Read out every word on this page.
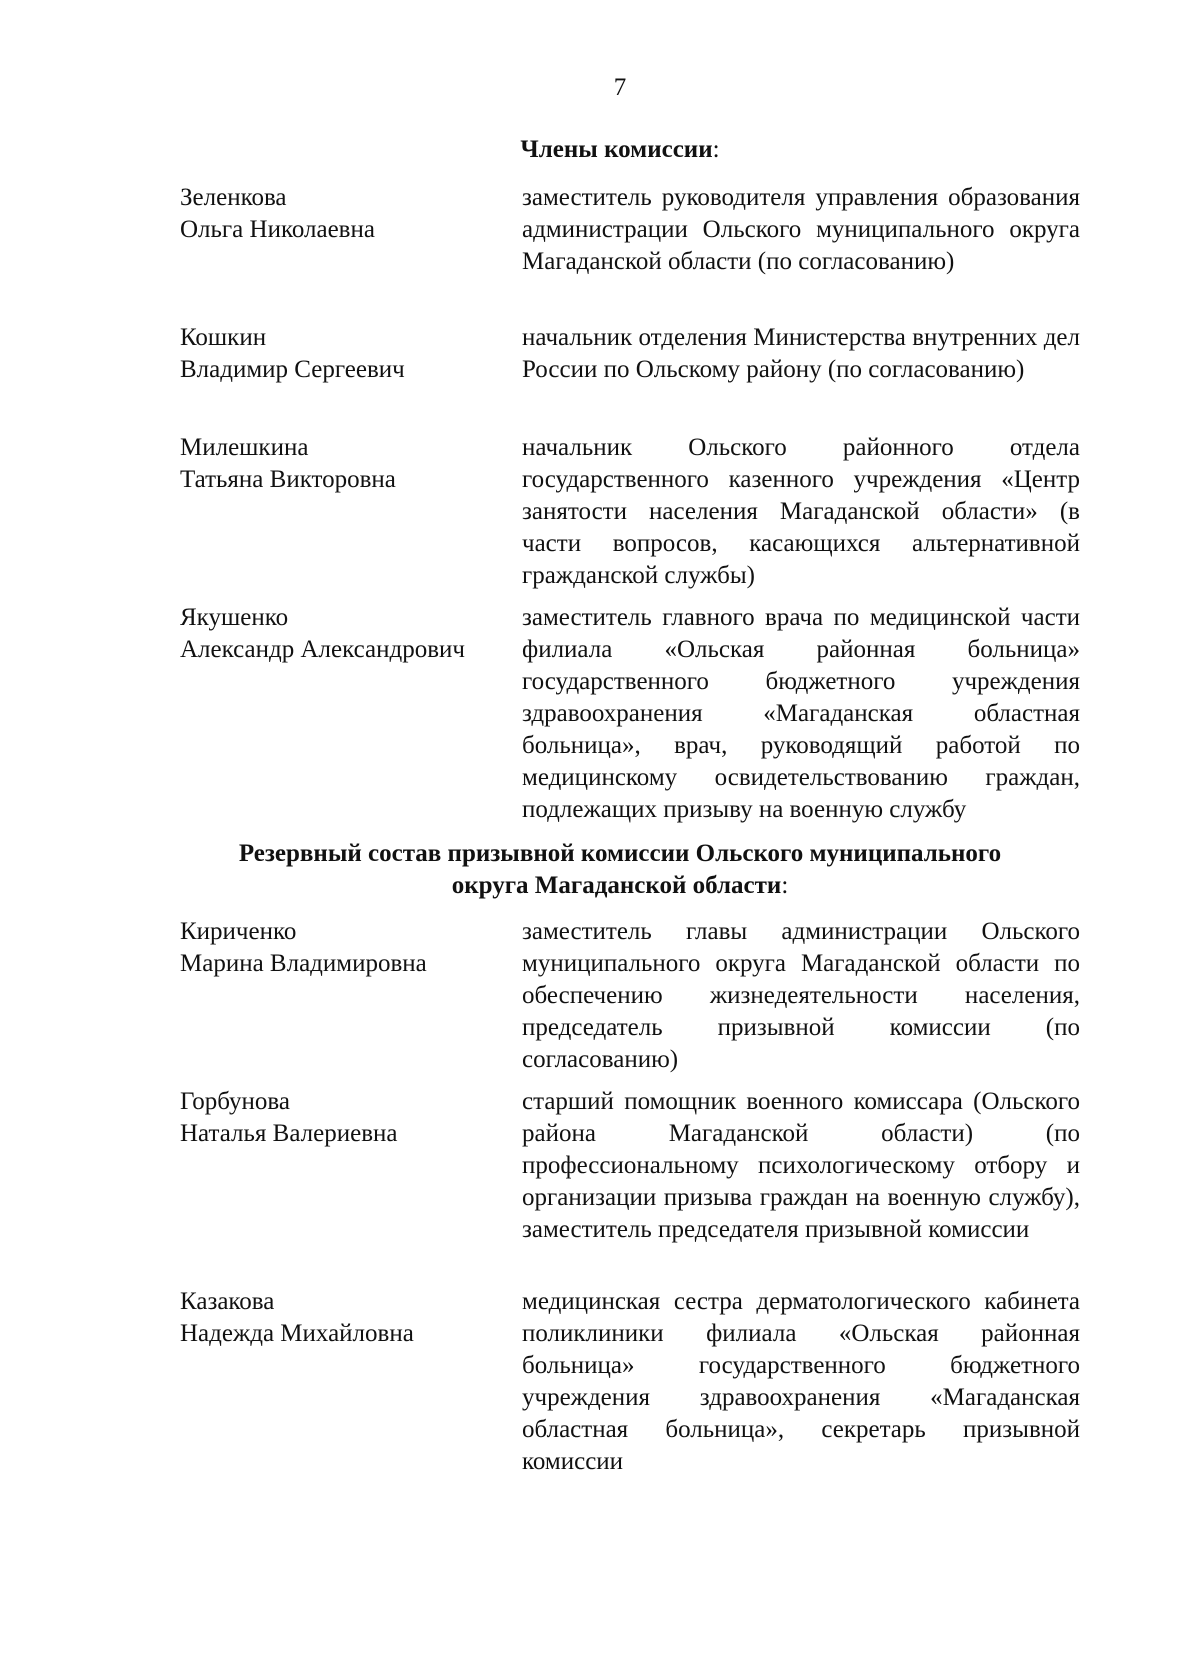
7
Члены комиссии:
Зеленкова
Ольга Николаевна
заместитель руководителя управления образования администрации Ольского муниципального округа Магаданской области (по согласованию)
Кошкин
Владимир Сергеевич
начальник отделения Министерства внутренних дел России по Ольскому району (по согласованию)
Милешкина
Татьяна Викторовна
начальник Ольского районного отдела государственного казенного учреждения «Центр занятости населения Магаданской области» (в части вопросов, касающихся альтернативной гражданской службы)
Якушенко
Александр Александрович
заместитель главного врача по медицинской части филиала «Ольская районная больница» государственного бюджетного учреждения здравоохранения «Магаданская областная больница», врач, руководящий работой по медицинскому освидетельствованию граждан, подлежащих призыву на военную службу
Резервный состав призывной комиссии Ольского муниципального
округа Магаданской области:
Кириченко
Марина Владимировна
заместитель главы администрации Ольского муниципального округа Магаданской области по обеспечению жизнедеятельности населения, председатель призывной комиссии (по согласованию)
Горбунова
Наталья Валериевна
старший помощник военного комиссара (Ольского района Магаданской области) (по профессиональному психологическому отбору и организации призыва граждан на военную службу), заместитель председателя призывной комиссии
Казакова
Надежда Михайловна
медицинская сестра дерматологического кабинета поликлиники филиала «Ольская районная больница» государственного бюджетного учреждения здравоохранения «Магаданская областная больница», секретарь призывной комиссии
